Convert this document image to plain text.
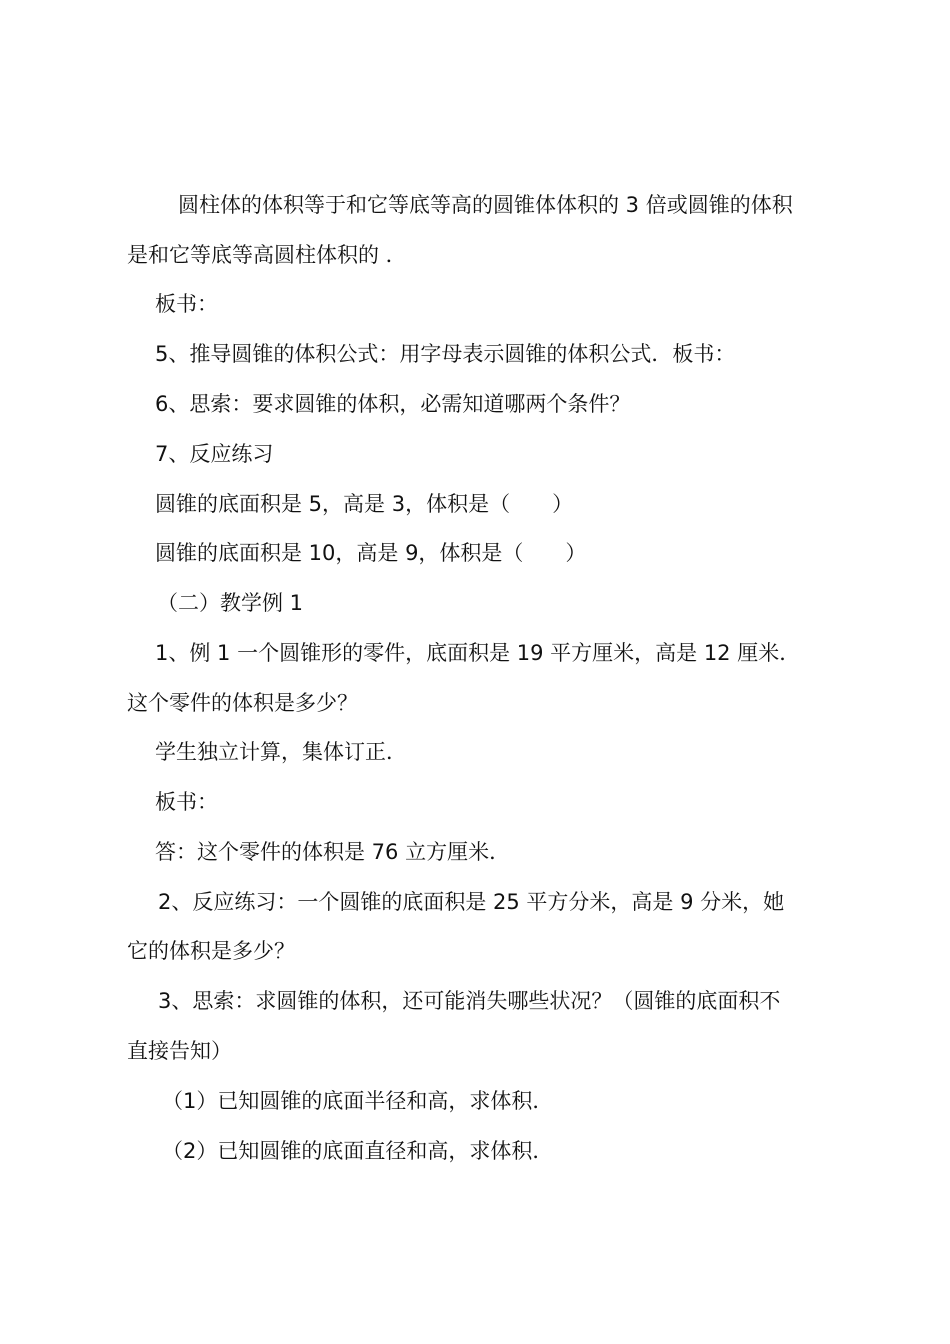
圆柱体的体积等于和它等底等高的圆锥体体积的 3 倍或圆锥的体积
是和它等底等高圆柱体积的 ．
板书：
5、推导圆锥的体积公式：用字母表示圆锥的体积公式．板书：
6、思索：要求圆锥的体积，必需知道哪两个条件？
7、反应练习
圆锥的底面积是 5，高是 3，体积是（　　）
圆锥的底面积是 10，高是 9，体积是（　　）
（二）教学例 1
1、例 1 一个圆锥形的零件，底面积是 19 平方厘米，高是 12 厘米．
这个零件的体积是多少？
学生独立计算，集体订正．
板书：
答：这个零件的体积是 76 立方厘米．
2、反应练习：一个圆锥的底面积是 25 平方分米，高是 9 分米，她
它的体积是多少？
3、思索：求圆锥的体积，还可能消失哪些状况？（圆锥的底面积不
直接告知）
（1）已知圆锥的底面半径和高，求体积．
（2）已知圆锥的底面直径和高，求体积．
